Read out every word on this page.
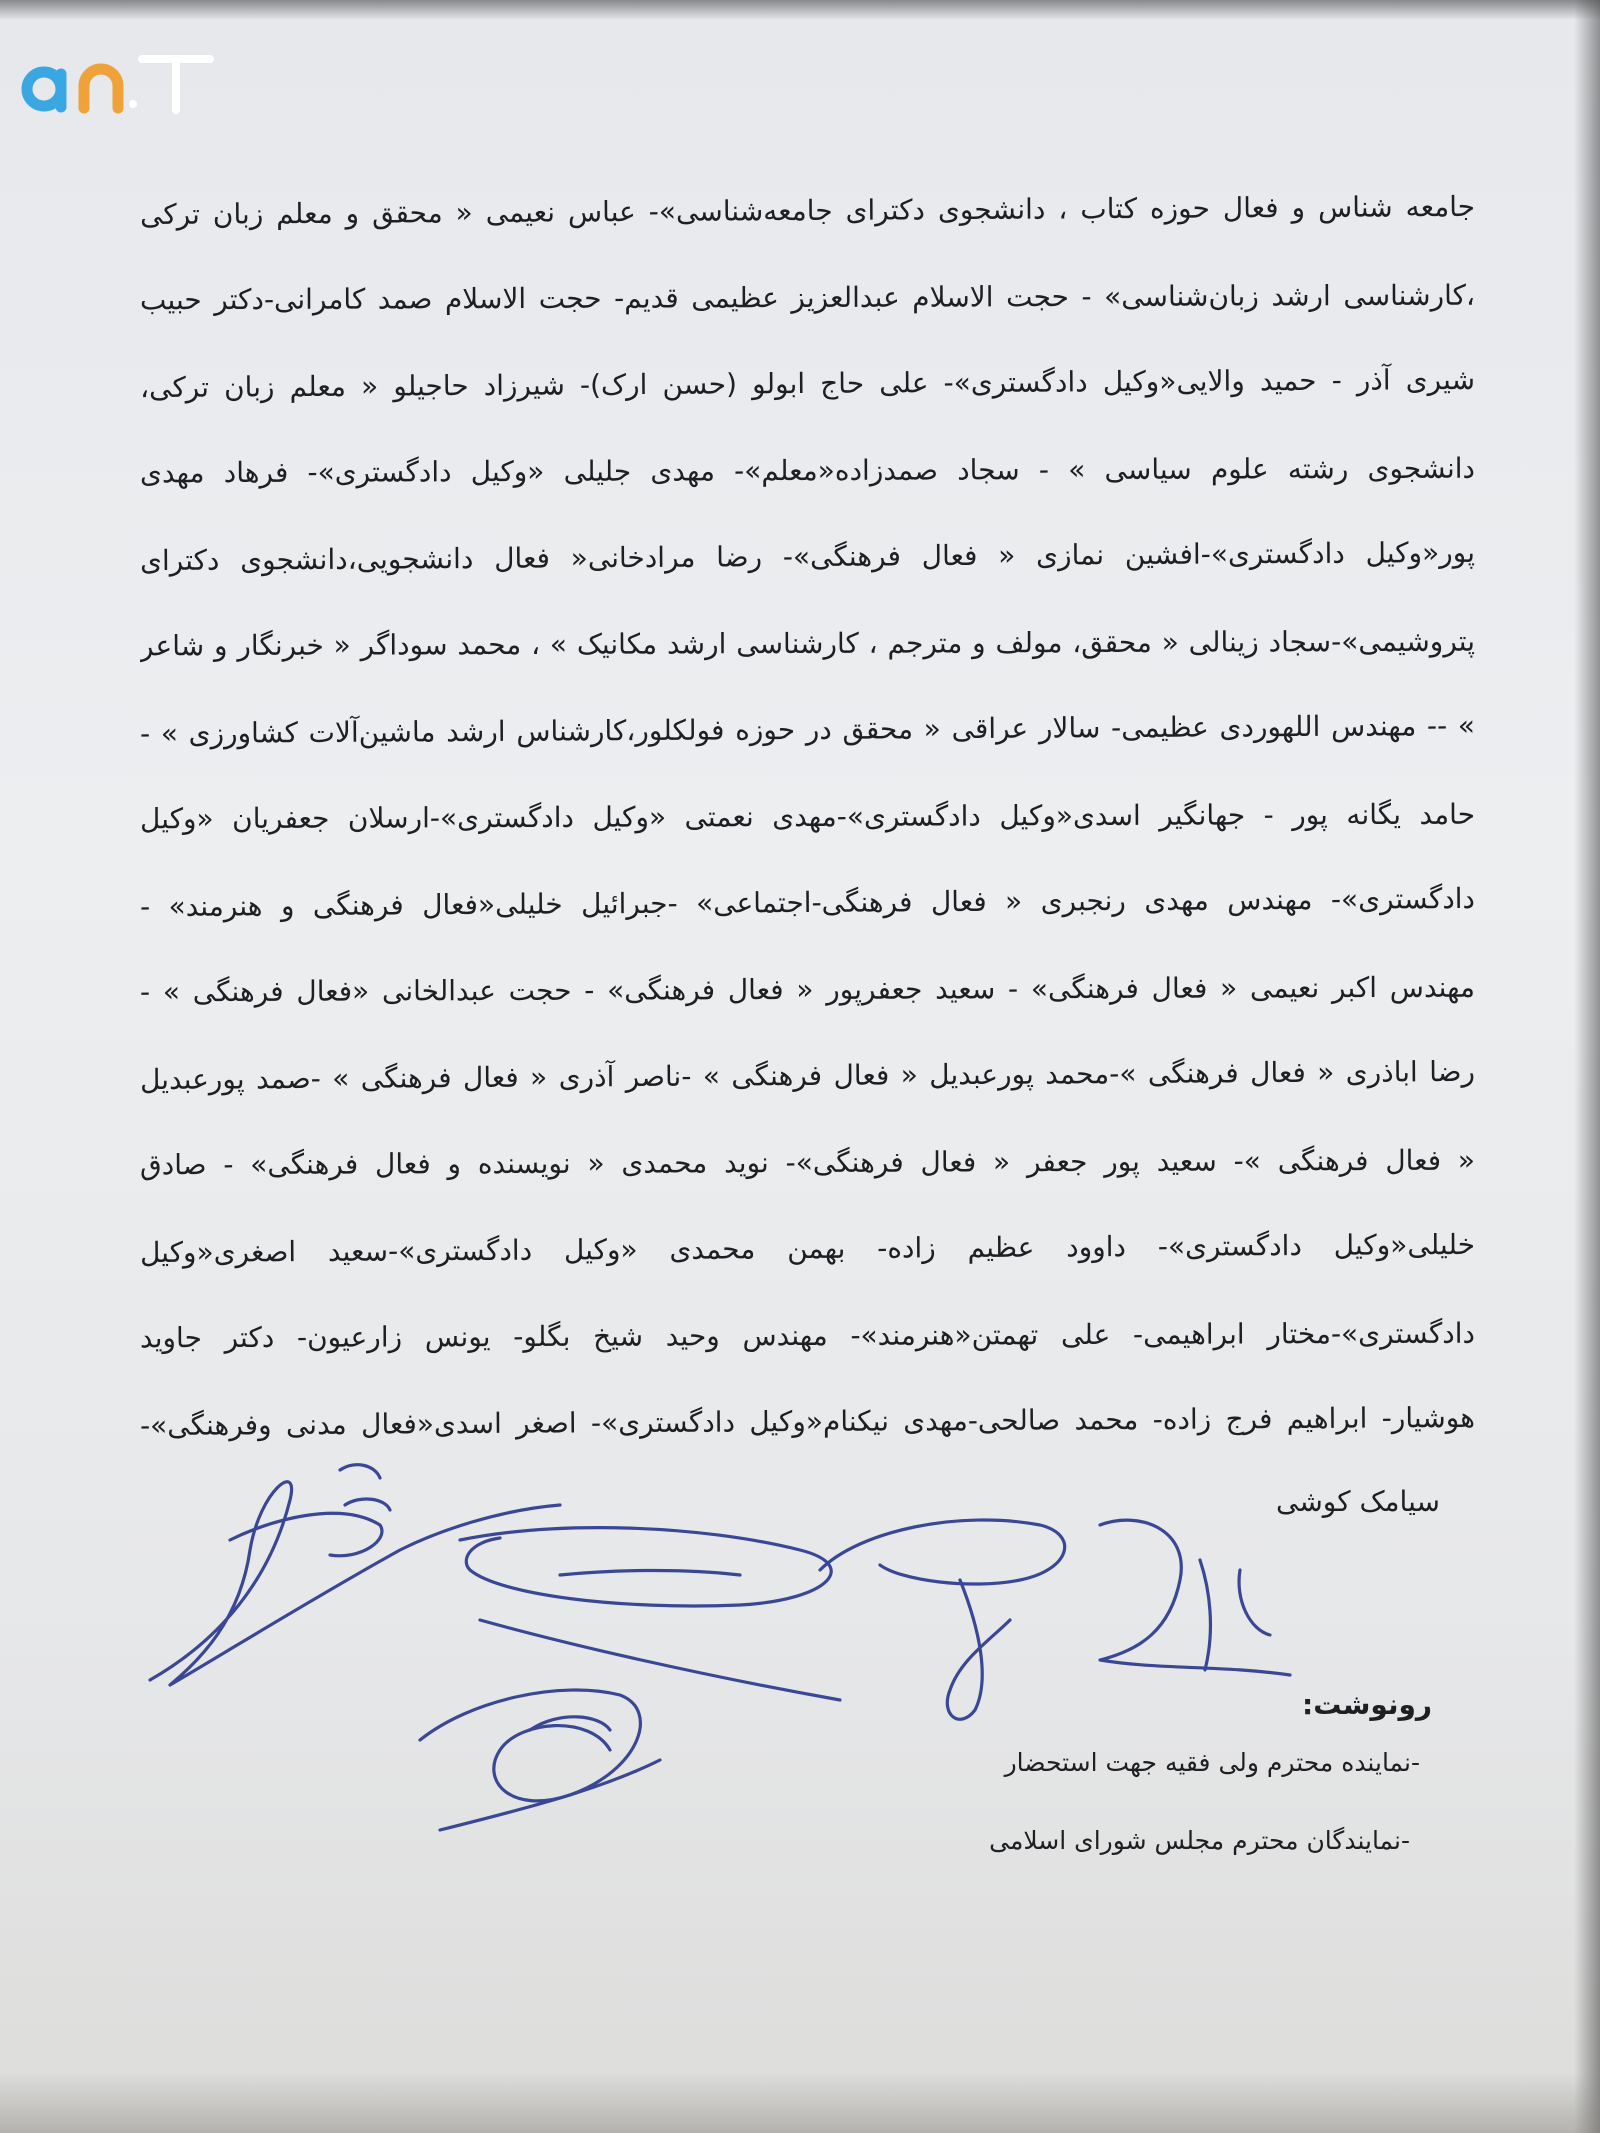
جامعه شناس و فعال حوزه کتاب ، دانشجوی دکترای جامعه‌شناسی»- عباس نعیمی « محقق و معلم زبان ترکی
،کارشناسی ارشد زبان‌شناسی» - حجت الاسلام عبدالعزیز عظیمی قدیم- حجت الاسلام صمد کامرانی-دکتر حبیب
شیری آذر - حمید والایی«وکیل دادگستری»- علی حاج ابولو (حسن ارک)- شیرزاد حاجیلو « معلم زبان ترکی،
دانشجوی رشته علوم سیاسی » - سجاد صمدزاده«معلم»- مهدی جلیلی «وکیل دادگستری»- فرهاد مهدی
پور«وکیل دادگستری»-افشین نمازی « فعال فرهنگی»- رضا مرادخانی« فعال دانشجویی،دانشجوی دکترای
پتروشیمی»-سجاد زینالی « محقق، مولف و مترجم ، کارشناسی ارشد مکانیک » ، محمد سوداگر « خبرنگار و شاعر
» -- مهندس اللهوردی عظیمی- سالار عراقی « محقق در حوزه فولکلور،کارشناس ارشد ماشین‌آلات کشاورزی » -
حامد یگانه پور - جهانگیر اسدی«وکیل دادگستری»-مهدی نعمتی «وکیل دادگستری»-ارسلان جعفریان «وکیل
دادگستری»- مهندس مهدی رنجبری « فعال فرهنگی-اجتماعی» -جبرائیل خلیلی«فعال فرهنگی و هنرمند» -
مهندس اکبر نعیمی « فعال فرهنگی» - سعید جعفرپور « فعال فرهنگی» - حجت عبدالخانی «فعال فرهنگی » -
رضا اباذری « فعال فرهنگی »-محمد پورعبدیل « فعال فرهنگی » -ناصر آذری « فعال فرهنگی » -صمد پورعبدیل
« فعال فرهنگی »- سعید پور جعفر « فعال فرهنگی»- نوید محمدی « نویسنده و فعال فرهنگی» - صادق
خلیلی«وکیل دادگستری»- داوود عظیم زاده- بهمن محمدی «وکیل دادگستری»-سعید اصغری«وکیل
دادگستری»-مختار ابراهیمی- علی تهمتن«هنرمند»- مهندس وحید شیخ بگلو- یونس زارعیون- دکتر جاوید
هوشیار- ابراهیم فرج زاده- محمد صالحی-مهدی نیکنام«وکیل دادگستری»- اصغر اسدی«فعال مدنی وفرهنگی»-
سیامک کوشی
رونوشت:
-نماینده محترم ولی فقیه جهت استحضار
-نمایندگان محترم مجلس شورای اسلامی
